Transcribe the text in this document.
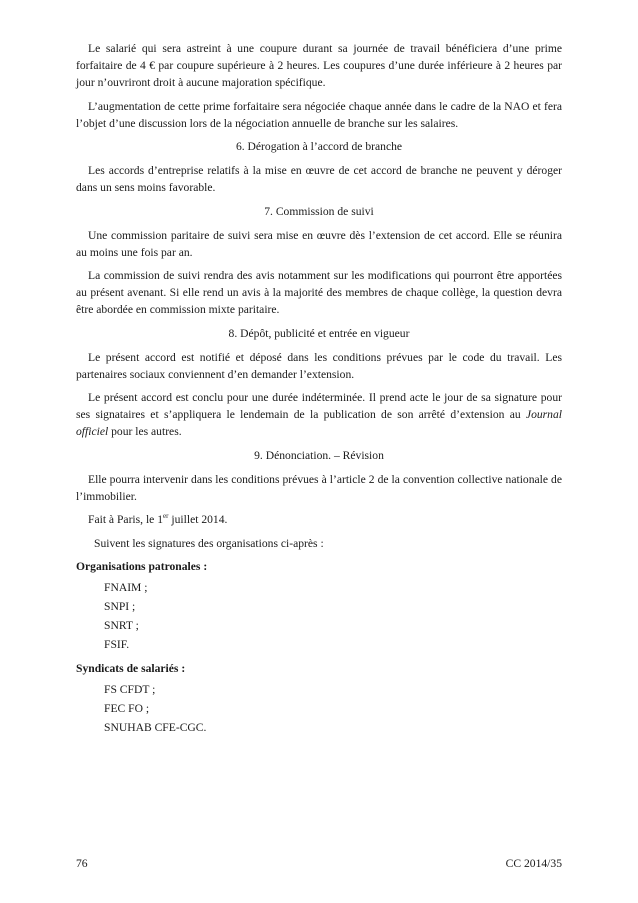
Le salarié qui sera astreint à une coupure durant sa journée de travail bénéficiera d’une prime forfaitaire de 4 € par coupure supérieure à 2 heures. Les coupures d’une durée inférieure à 2 heures par jour n’ouvriront droit à aucune majoration spécifique.

L’augmentation de cette prime forfaitaire sera négociée chaque année dans le cadre de la NAO et fera l’objet d’une discussion lors de la négociation annuelle de branche sur les salaires.

6. Dérogation à l’accord de branche

Les accords d’entreprise relatifs à la mise en œuvre de cet accord de branche ne peuvent y déroger dans un sens moins favorable.

7. Commission de suivi

Une commission paritaire de suivi sera mise en œuvre dès l’extension de cet accord. Elle se réunira au moins une fois par an.

La commission de suivi rendra des avis notamment sur les modifications qui pourront être apportées au présent avenant. Si elle rend un avis à la majorité des membres de chaque collège, la question devra être abordée en commission mixte paritaire.

8. Dépôt, publicité et entrée en vigueur

Le présent accord est notifié et déposé dans les conditions prévues par le code du travail. Les partenaires sociaux conviennent d’en demander l’extension.

Le présent accord est conclu pour une durée indéterminée. Il prend acte le jour de sa signature pour ses signataires et s’appliquera le lendemain de la publication de son arrêté d’extension au Journal officiel pour les autres.

9. Dénonciation. – Révision

Elle pourra intervenir dans les conditions prévues à l’article 2 de la convention collective nationale de l’immobilier.

Fait à Paris, le 1er juillet 2014.

Suivent les signatures des organisations ci-après :

Organisations patronales :
FNAIM ;
SNPI ;
SNRT ;
FSIF.
Syndicats de salariés :
FS CFDT ;
FEC FO ;
SNUHAB CFE-CGC.
76	CC 2014/35
